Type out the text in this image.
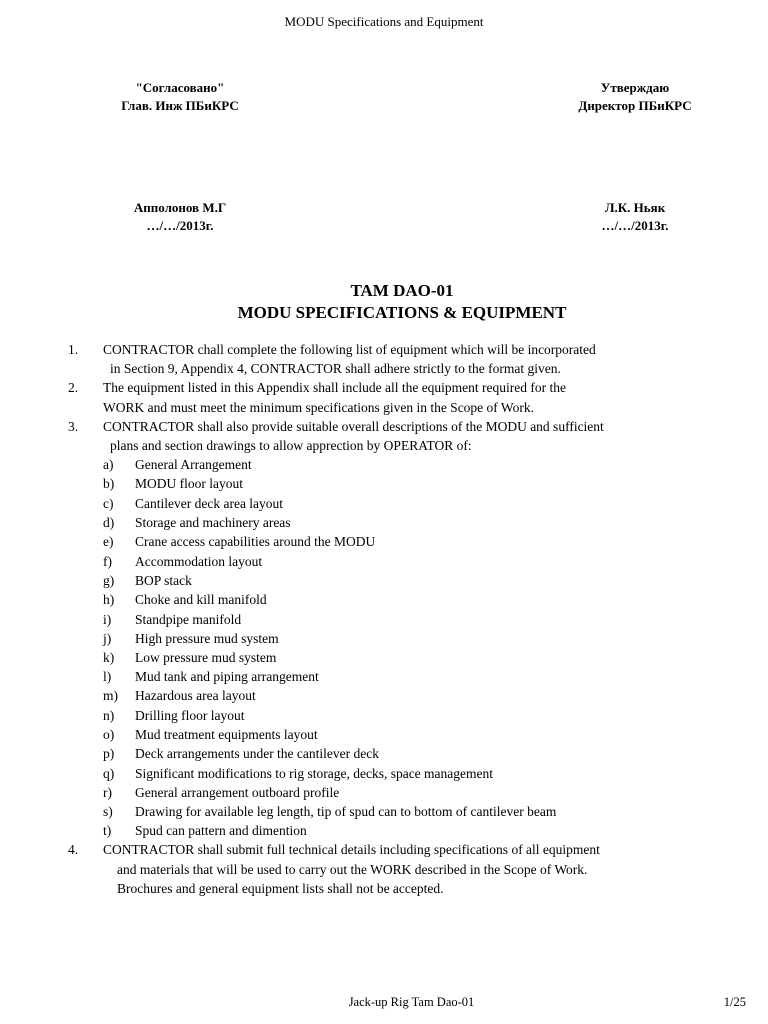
MODU Specifications and Equipment
"Согласовано"
Глав. Инж ПБиКРС
Утверждаю
Директор ПБиКРС
Апполонов М.Г
…/…/2013г.
Л.К. Ньяк
…/…/2013г.
TAM DAO-01
MODU SPECIFICATIONS & EQUIPMENT
1. CONTRACTOR chall complete the following list of equipment which will be incorporated
in Section 9, Appendix 4, CONTRACTOR shall adhere strictly to the format given.
2. The equipment listed in this Appendix shall include all the equipment required for the
WORK and must meet the minimum specifications given in the Scope of Work.
3. CONTRACTOR shall also provide suitable overall descriptions of the MODU and sufficient
plans and section drawings to allow apprection by OPERATOR of:
a) General Arrangement
b) MODU floor layout
c) Cantilever deck area layout
d) Storage and machinery areas
e) Crane access capabilities around the MODU
f) Accommodation layout
g) BOP stack
h) Choke and kill manifold
i) Standpipe manifold
j) High pressure mud system
k) Low pressure mud system
l) Mud tank and piping arrangement
m) Hazardous area layout
n) Drilling floor layout
o) Mud treatment equipments layout
p) Deck arrangements under the cantilever deck
q) Significant modifications to rig storage, decks, space management
r) General arrangement outboard profile
s) Drawing for available leg length, tip of spud can to bottom of cantilever beam
t) Spud can pattern and dimention
4. CONTRACTOR shall submit full technical details including specifications of all equipment
and materials that will be used to carry out the WORK described in the Scope of Work.
Brochures and general equipment lists shall not be accepted.
Jack-up Rig Tam Dao-01	1/25
